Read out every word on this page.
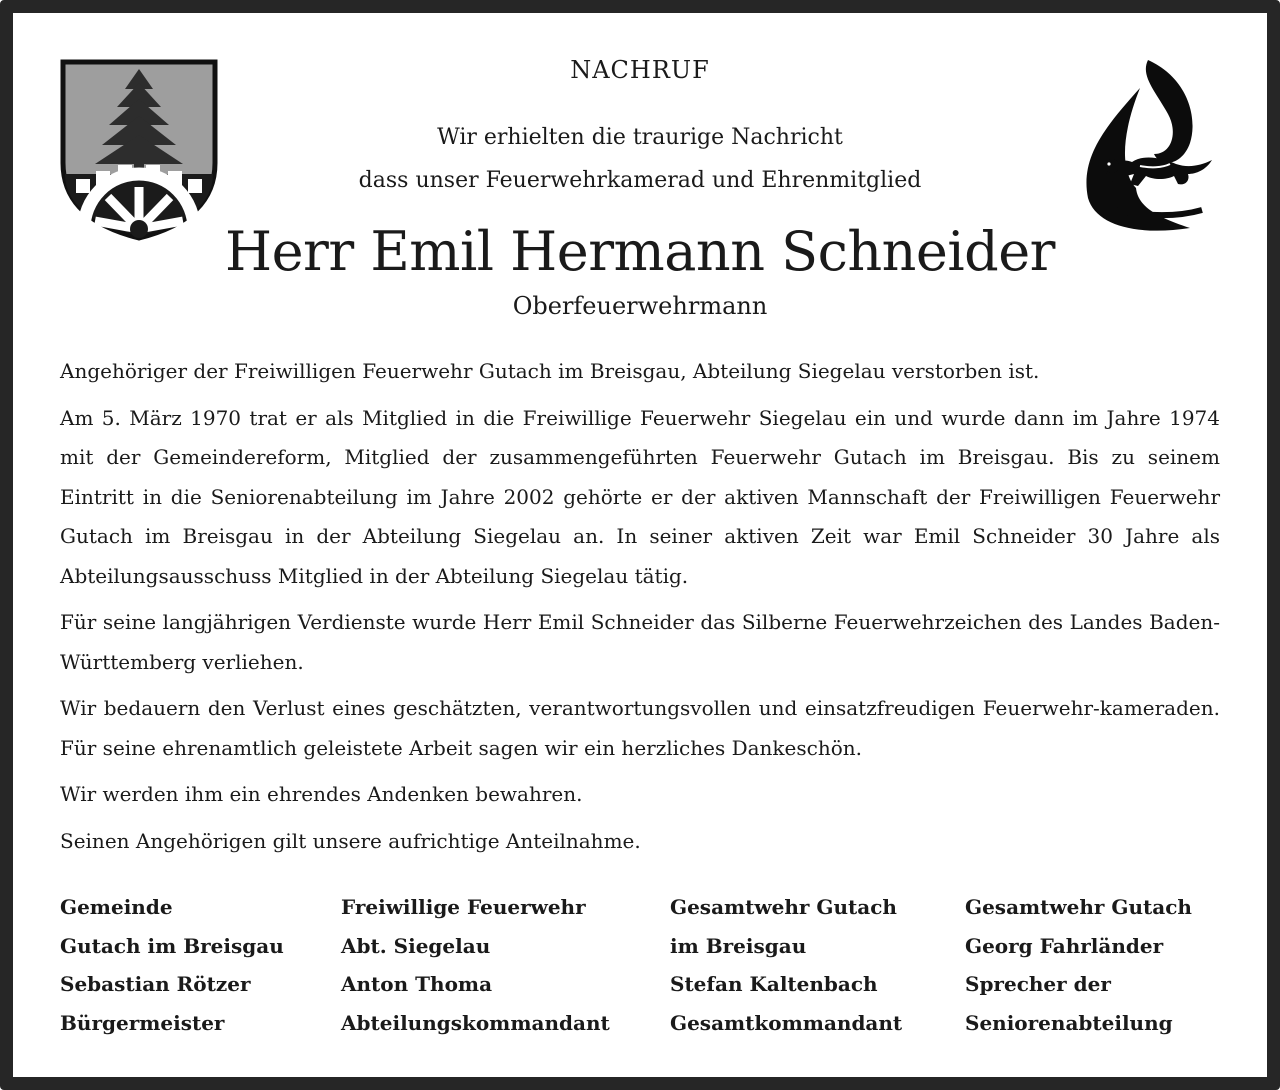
NACHRUF
Wir erhielten die traurige Nachricht
dass unser Feuerwehrkamerad und Ehrenmitglied
Herr Emil Hermann Schneider
Oberfeuerwehrmann

Angehöriger der Freiwilligen Feuerwehr Gutach im Breisgau, Abteilung Siegelau verstorben ist.

Am 5. März 1970 trat er als Mitglied in die Freiwillige Feuerwehr Siegelau ein und wurde dann im Jahre 1974 mit der Gemeindereform, Mitglied der zusammengeführten Feuerwehr Gutach im Breisgau. Bis zu seinem Eintritt in die Seniorenabteilung im Jahre 2002 gehörte er der aktiven Mannschaft der Freiwilligen Feuerwehr Gutach im Breisgau in der Abteilung Siegelau an. In seiner aktiven Zeit war Emil Schneider 30 Jahre als Abteilungsausschuss Mitglied in der Abteilung Siegelau tätig.

Für seine langjährigen Verdienste wurde Herr Emil Schneider das Silberne Feuerwehrzeichen des Landes Baden-Württemberg verliehen.

Wir bedauern den Verlust eines geschätzten, verantwortungsvollen und einsatzfreudigen Feuerwehr-kameraden. Für seine ehrenamtlich geleistete Arbeit sagen wir ein herzliches Dankeschön.

Wir werden ihm ein ehrendes Andenken bewahren.

Seinen Angehörigen gilt unsere aufrichtige Anteilnahme.

Gemeinde
Gutach im Breisgau
Sebastian Rötzer
Bürgermeister
Freiwillige Feuerwehr
Abt. Siegelau
Anton Thoma
Abteilungskommandant
Gesamtwehr Gutach
im Breisgau
Stefan Kaltenbach
Gesamtkommandant
Gesamtwehr Gutach
Georg Fahrländer
Sprecher der
Seniorenabteilung
